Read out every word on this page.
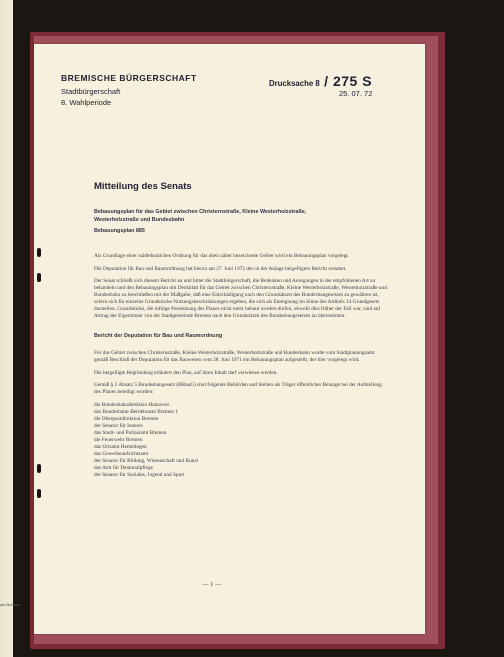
ats Bremen
BREMISCHE BÜRGERSCHAFT
Stadtbürgerschaft
8. Wahlperiode
Drucksache 8 / 275 S
25. 07. 72
Mitteilung des Senats
Bebauungsplan für das Gebiet zwischen Christernstraße, Kleine Westerholzstraße,
Westerholzstraße und Bundesbahn
Bebauungsplan 885

Als Grundlage einer städtebaulichen Ordnung für das oben näher bezeichnete Gebiet wird ein Bebauungsplan vorgelegt.

Die Deputation für Bau und Raumordnung hat hierzu am 27. Juni 1972 den in der Anlage beigefügten Bericht erstattet.

Der Senat schließt sich diesem Bericht an und bittet die Stadtbürgerschaft, die Bedenken und Anregungen in der empfohlenen Art zu behandeln und den Bebauungsplan mit Deckblatt für das Gebiet zwischen Christernstraße, Kleine Westerholzstraße, Westerholzstraße und Bundesbahn zu beschließen mit der Maßgabe, daß eine Entschädigung nach den Grundsätzen des Bundesbaugesetzes zu gewähren ist, sofern sich für einzelne Grundstücke Nutzungsbeschränkungen ergeben, die sich als Enteignung im Sinne des Artikels 14 Grundgesetz darstellen. Grundstücke, die infolge Festsetzung des Planes nicht mehr bebaut werden dürfen, obwohl dies früher der Fall war, sind auf Antrag der Eigentümer von der Stadtgemeinde Bremen nach den Grundsätzen des Bundesbaugesetzes zu übernehmen.

Bericht der Deputation für Bau und Raumordnung

Für das Gebiet zwischen Christernstraße, Kleine Westerholzstraße, Westerholzstraße und Bundesbahn wurde vom Stadtplanungsamt gemäß Beschluß der Deputation für das Bauwesen vom 28. Juni 1971 ein Bebauungsplan aufgestellt, der hier vorgelegt wird.

Die beigefügte Begründung erläutert den Plan, auf ihren Inhalt darf verwiesen werden.

Gemäß § 2 Absatz 5 Bundesbaugesetz (BBauG) sind folgende Behörden und Stellen als Träger öffentlicher Belange bei der Aufstellung des Planes beteiligt worden:

die Bundesbahndirektion Hannover
das Bundesbahn-Betriebsamt Bremen 1
die Oberpostdirektion Bremen
der Senator für Inneres
das Stadt- und Polizeiamt Bremen
die Feuerwehr Bremen
das Ortsamt Hemelingen
das Gewerbeaufsichtsamt
der Senator für Bildung, Wissenschaft und Kunst
das Amt für Denkmalpflege
der Senator für Soziales, Jugend und Sport
— 1 —
